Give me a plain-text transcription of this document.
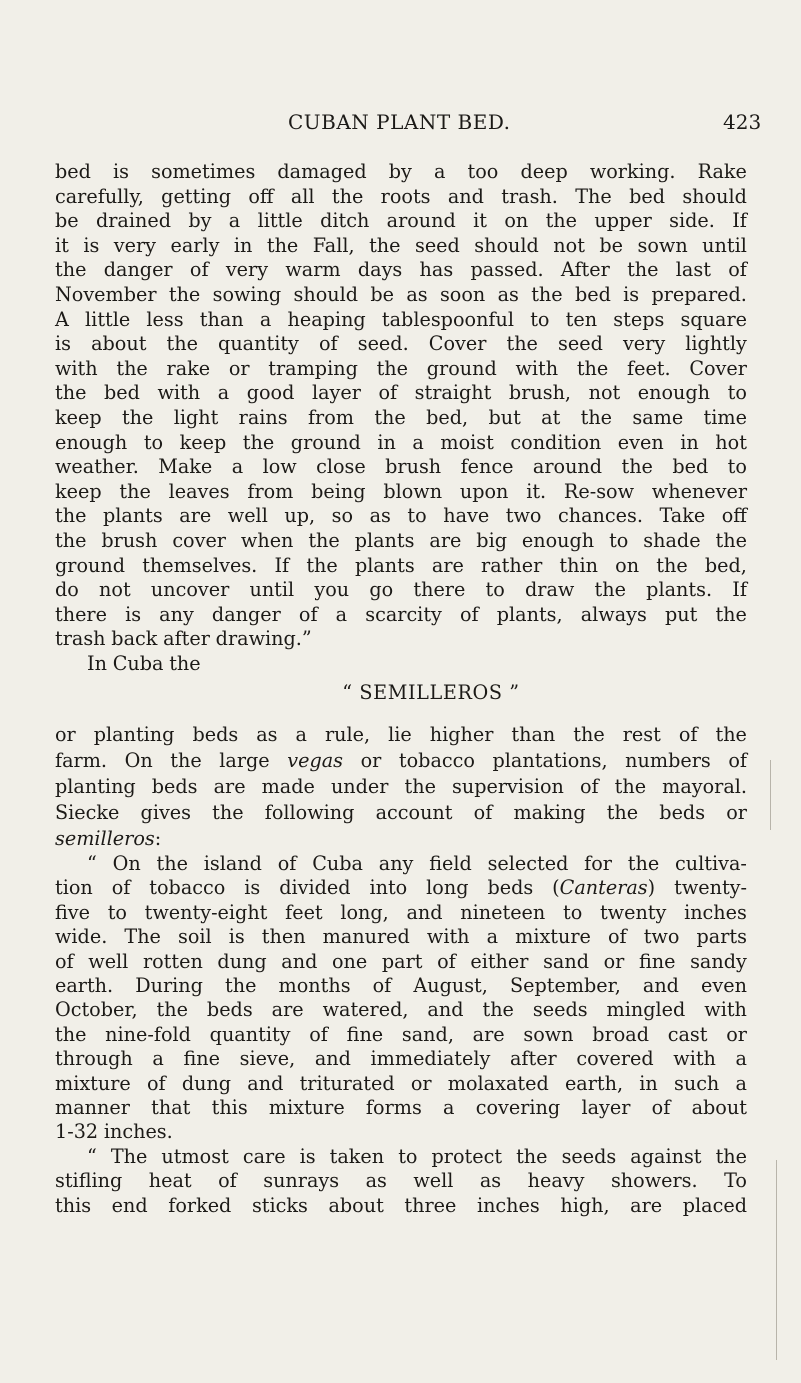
CUBAN PLANT BED.	423
bed is sometimes damaged by a too deep working. Rake
carefully, getting off all the roots and trash. The bed should
be drained by a little ditch around it on the upper side. If
it is very early in the Fall, the seed should not be sown until
the danger of very warm days has passed. After the last of
November the sowing should be as soon as the bed is prepared.
A little less than a heaping tablespoonful to ten steps square
is about the quantity of seed. Cover the seed very lightly
with the rake or tramping the ground with the feet. Cover
the bed with a good layer of straight brush, not enough to
keep the light rains from the bed, but at the same time
enough to keep the ground in a moist condition even in hot
weather. Make a low close brush fence around the bed to
keep the leaves from being blown upon it. Re-sow whenever
the plants are well up, so as to have two chances. Take off
the brush cover when the plants are big enough to shade the
ground themselves. If the plants are rather thin on the bed,
do not uncover until you go there to draw the plants. If
there is any danger of a scarcity of plants, always put the
trash back after drawing.”
In Cuba the
“ SEMILLEROS ”
or planting beds as a rule, lie higher than the rest of the
farm. On the large vegas or tobacco plantations, numbers of
planting beds are made under the supervision of the mayoral.
Siecke gives the following account of making the beds or
semilleros:
“ On the island of Cuba any field selected for the cultiva-
tion of tobacco is divided into long beds (Canteras) twenty-
five to twenty-eight feet long, and nineteen to twenty inches
wide. The soil is then manured with a mixture of two parts
of well rotten dung and one part of either sand or fine sandy
earth. During the months of August, September, and even
October, the beds are watered, and the seeds mingled with
the nine-fold quantity of fine sand, are sown broad cast or
through a fine sieve, and immediately after covered with a
mixture of dung and triturated or molaxated earth, in such a
manner that this mixture forms a covering layer of about
1-32 inches.
“ The utmost care is taken to protect the seeds against the
stifling heat of sunrays as well as heavy showers. To
this end forked sticks about three inches high, are placed
